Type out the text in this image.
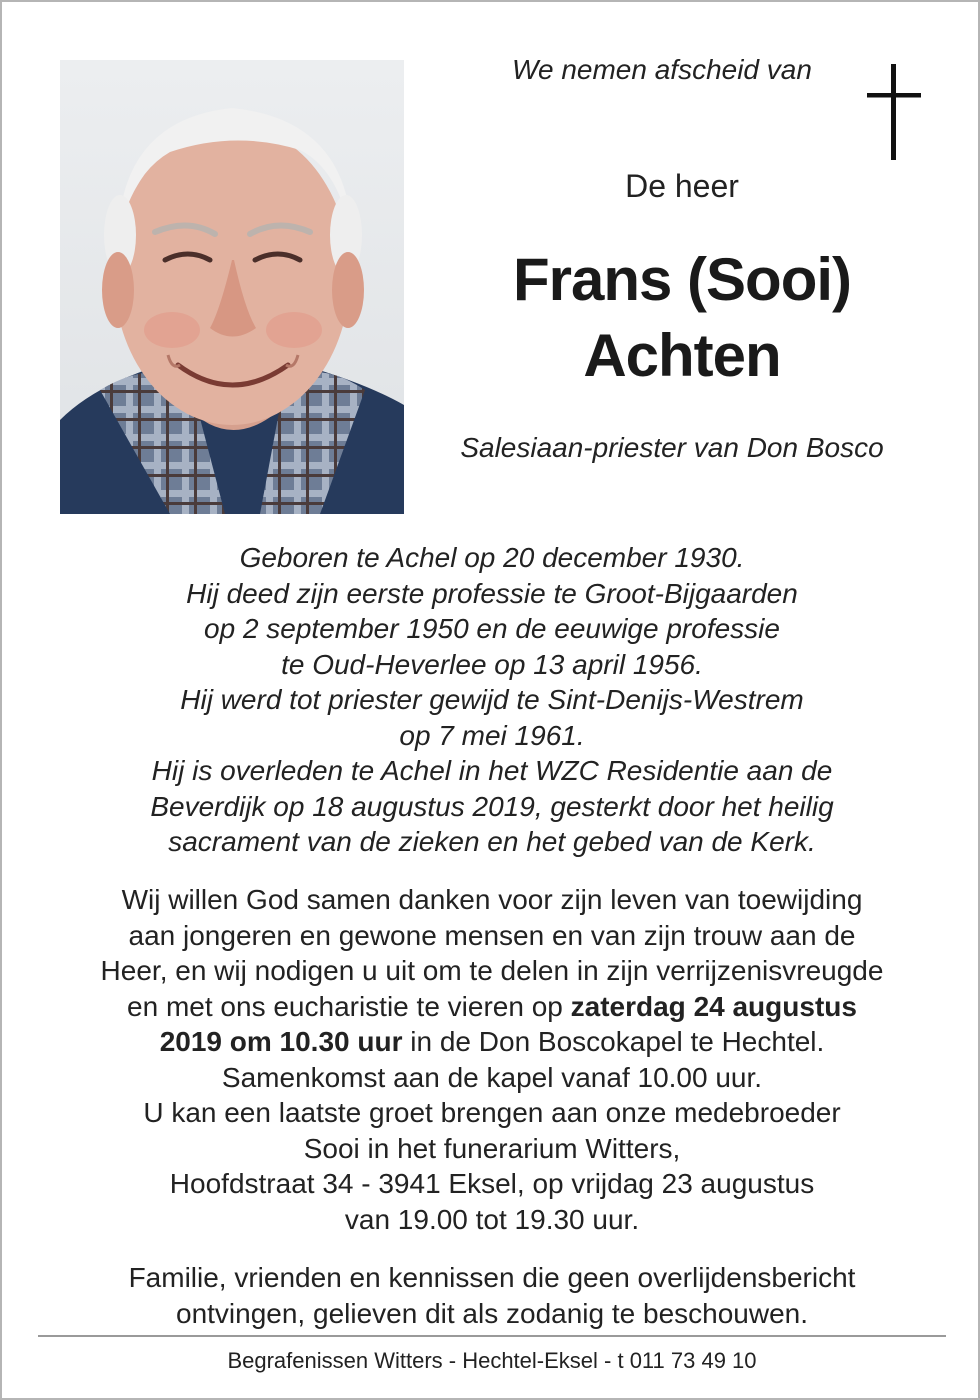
We nemen afscheid van
De heer
Frans (Sooi)
Achten
Salesiaan-priester van Don Bosco
Geboren te Achel op 20 december 1930.
Hij deed zijn eerste professie te Groot-Bijgaarden
op 2 september 1950 en de eeuwige professie
te Oud-Heverlee op 13 april 1956.
Hij werd tot priester gewijd te Sint-Denijs-Westrem
op 7 mei 1961.
Hij is overleden te Achel in het WZC Residentie aan de
Beverdijk op 18 augustus 2019, gesterkt door het heilig
sacrament van de zieken en het gebed van de Kerk.
Wij willen God samen danken voor zijn leven van toewijding
aan jongeren en gewone mensen en van zijn trouw aan de
Heer, en wij nodigen u uit om te delen in zijn verrijzenisvreugde
en met ons eucharistie te vieren op zaterdag 24 augustus
2019 om 10.30 uur in de Don Boscokapel te Hechtel.
Samenkomst aan de kapel vanaf 10.00 uur.
U kan een laatste groet brengen aan onze medebroeder
Sooi in het funerarium Witters,
Hoofdstraat 34 - 3941 Eksel, op vrijdag 23 augustus
van 19.00 tot 19.30 uur.
Familie, vrienden en kennissen die geen overlijdensbericht
ontvingen, gelieven dit als zodanig te beschouwen.
Begrafenissen Witters - Hechtel-Eksel - t 011 73 49 10
